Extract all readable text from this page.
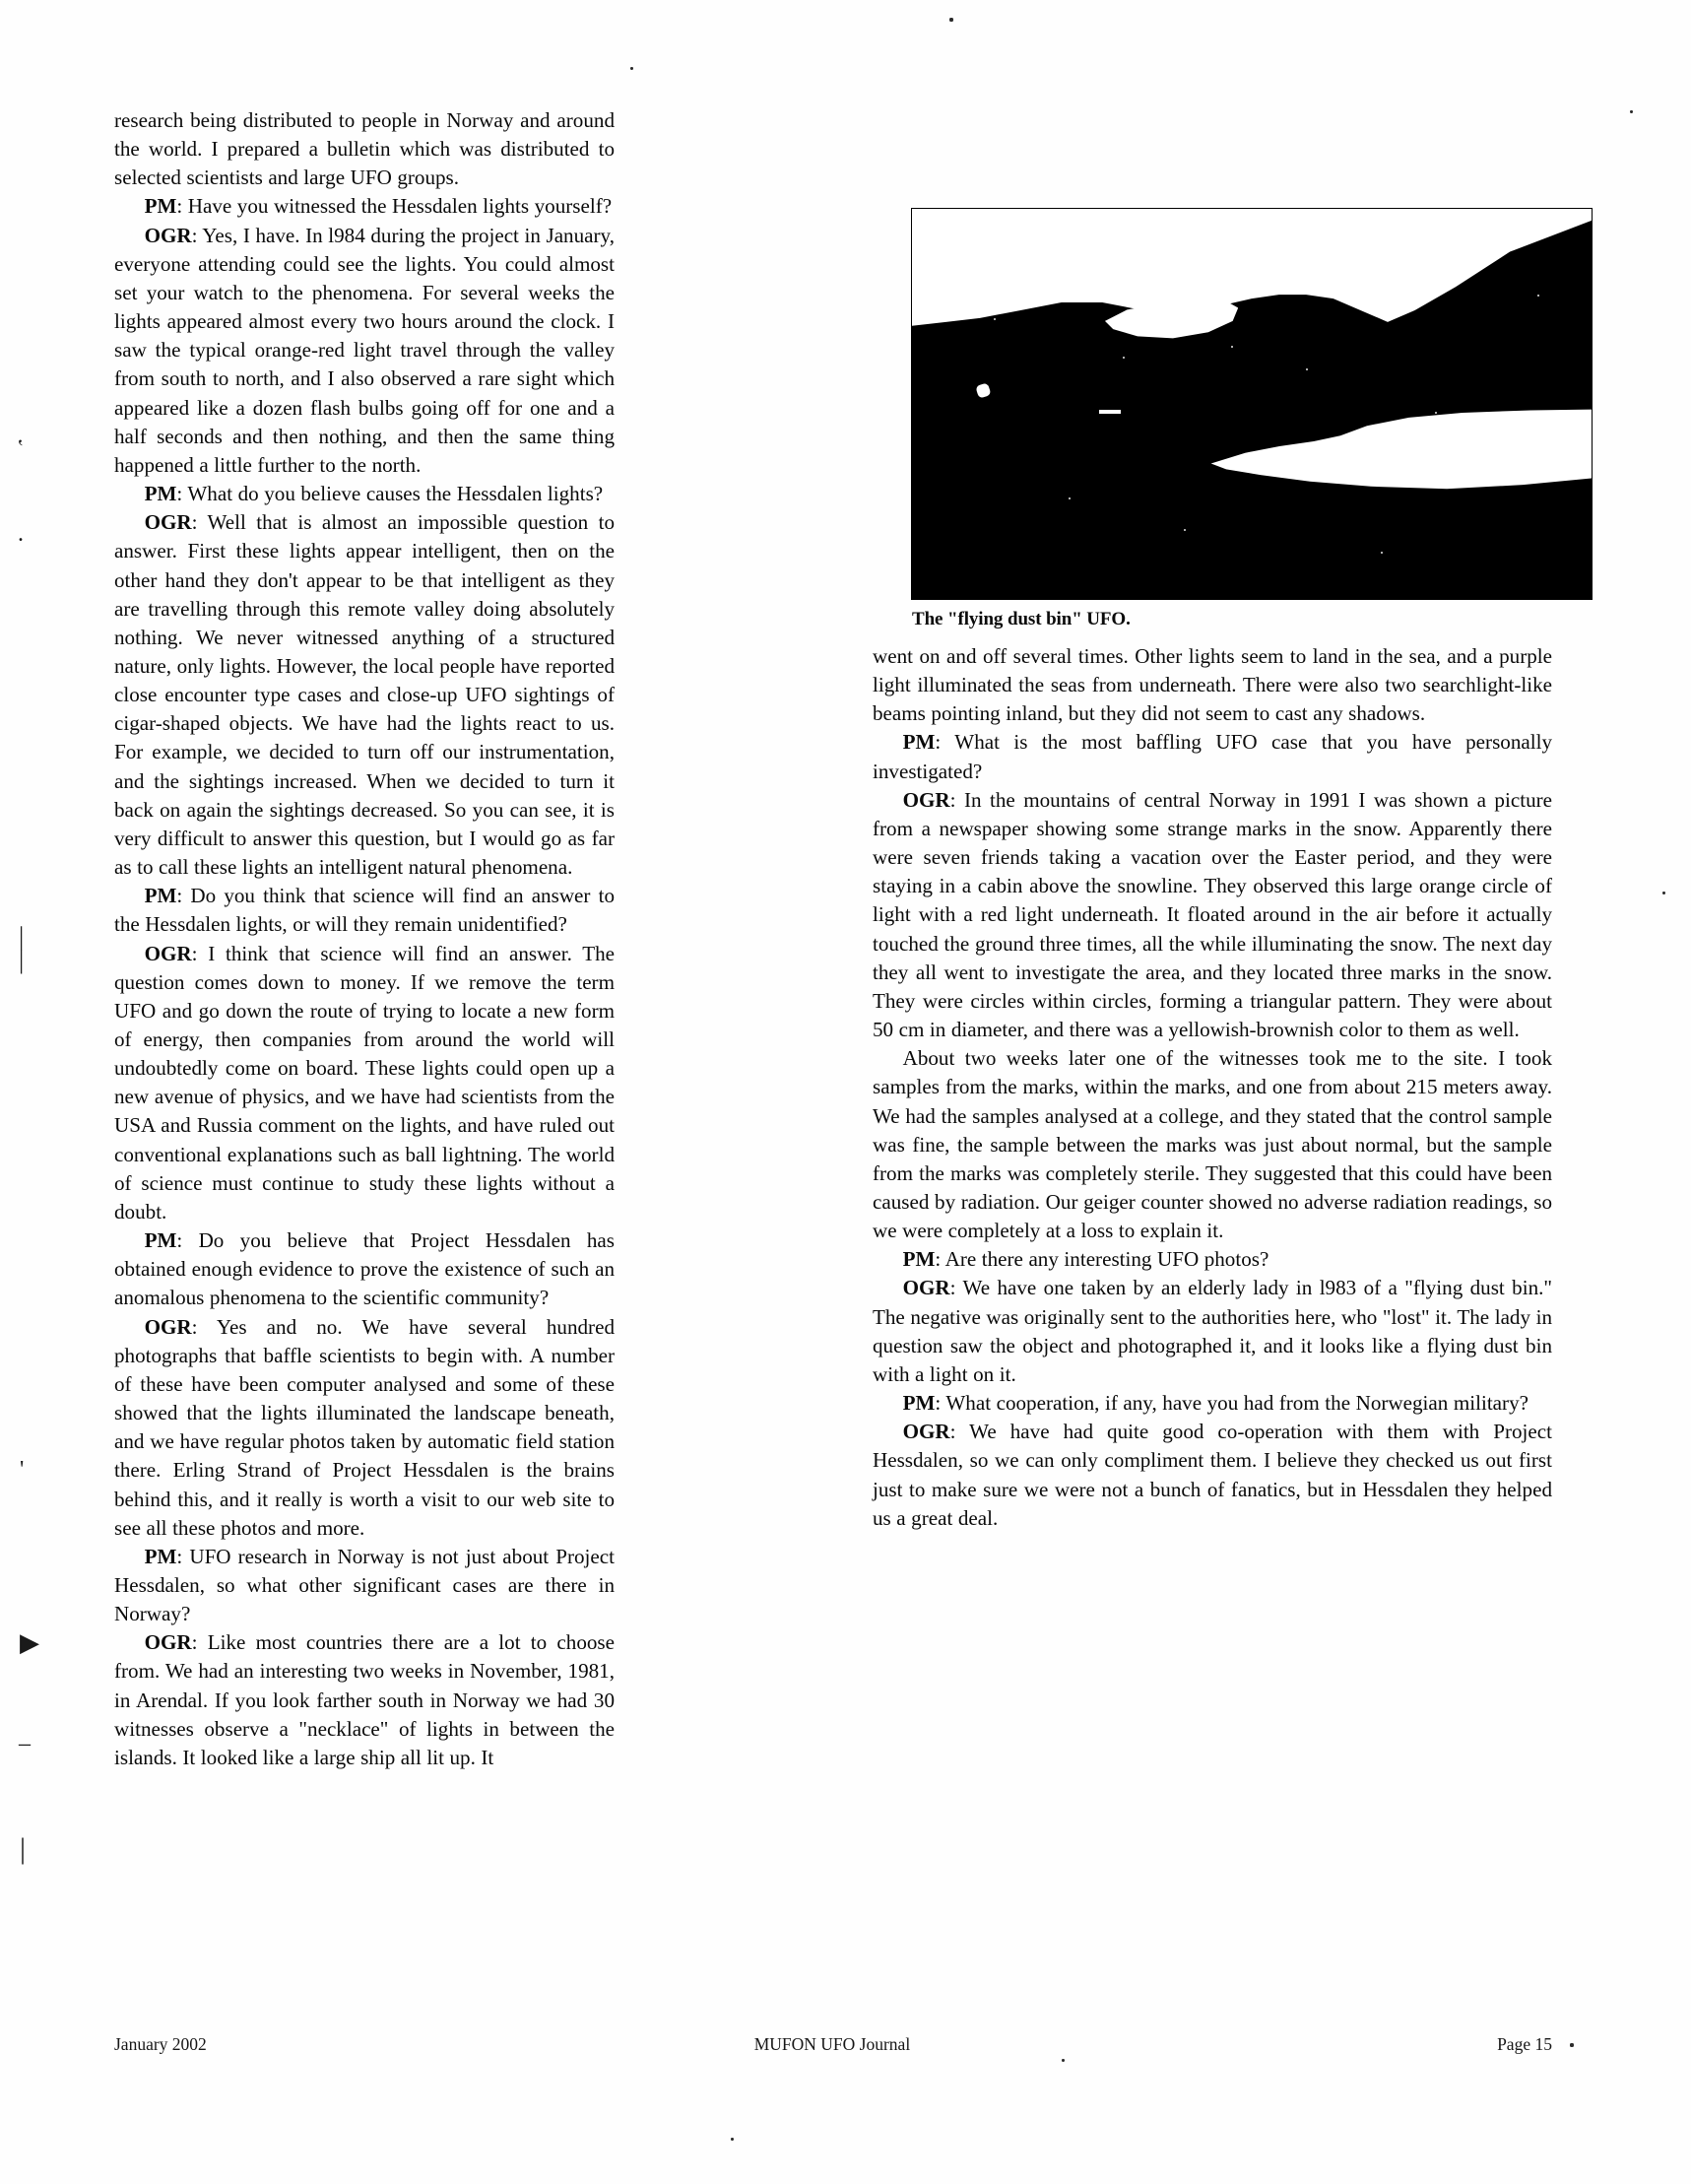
research being distributed to people in Norway and around the world. I prepared a bulletin which was distributed to selected scientists and large UFO groups.

PM: Have you witnessed the Hessdalen lights yourself?

OGR: Yes, I have. In l984 during the project in January, everyone attending could see the lights. You could almost set your watch to the phenomena. For several weeks the lights appeared almost every two hours around the clock. I saw the typical orange-red light travel through the valley from south to north, and I also observed a rare sight which appeared like a dozen flash bulbs going off for one and a half seconds and then nothing, and then the same thing happened a little further to the north.

PM: What do you believe causes the Hessdalen lights?

OGR: Well that is almost an impossible question to answer. First these lights appear intelligent, then on the other hand they don't appear to be that intelligent as they are travelling through this remote valley doing absolutely nothing. We never witnessed anything of a structured nature, only lights. However, the local people have reported close encounter type cases and close-up UFO sightings of cigar-shaped objects. We have had the lights react to us. For example, we decided to turn off our instrumentation, and the sightings increased. When we decided to turn it back on again the sightings decreased. So you can see, it is very difficult to answer this question, but I would go as far as to call these lights an intelligent natural phenomena.

PM: Do you think that science will find an answer to the Hessdalen lights, or will they remain unidentified?

OGR: I think that science will find an answer. The question comes down to money. If we remove the term UFO and go down the route of trying to locate a new form of energy, then companies from around the world will undoubtedly come on board. These lights could open up a new avenue of physics, and we have had scientists from the USA and Russia comment on the lights, and have ruled out conventional explanations such as ball lightning. The world of science must continue to study these lights without a doubt.

PM: Do you believe that Project Hessdalen has obtained enough evidence to prove the existence of such an anomalous phenomena to the scientific community?

OGR: Yes and no. We have several hundred photographs that baffle scientists to begin with. A number of these have been computer analysed and some of these showed that the lights illuminated the landscape beneath, and we have regular photos taken by automatic field station there. Erling Strand of Project Hessdalen is the brains behind this, and it really is worth a visit to our web site to see all these photos and more.

PM: UFO research in Norway is not just about Project Hessdalen, so what other significant cases are there in Norway?

OGR: Like most countries there are a lot to choose from. We had an interesting two weeks in November, 1981, in Arendal. If you look farther south in Norway we had 30 witnesses observe a "necklace" of lights in between the islands. It looked like a large ship all lit up. It

The "flying dust bin" UFO.

went on and off several times. Other lights seem to land in the sea, and a purple light illuminated the seas from underneath. There were also two searchlight-like beams pointing inland, but they did not seem to cast any shadows.

PM: What is the most baffling UFO case that you have personally investigated?

OGR: In the mountains of central Norway in 1991 I was shown a picture from a newspaper showing some strange marks in the snow. Apparently there were seven friends taking a vacation over the Easter period, and they were staying in a cabin above the snowline. They observed this large orange circle of light with a red light underneath. It floated around in the air before it actually touched the ground three times, all the while illuminating the snow. The next day they all went to investigate the area, and they located three marks in the snow. They were circles within circles, forming a triangular pattern. They were about 50 cm in diameter, and there was a yellowish-brownish color to them as well.

About two weeks later one of the witnesses took me to the site. I took samples from the marks, within the marks, and one from about 215 meters away. We had the samples analysed at a college, and they stated that the control sample was fine, the sample between the marks was just about normal, but the sample from the marks was completely sterile. They suggested that this could have been caused by radiation. Our geiger counter showed no adverse radiation readings, so we were completely at a loss to explain it.

PM: Are there any interesting UFO photos?

OGR: We have one taken by an elderly lady in l983 of a "flying dust bin." The negative was originally sent to the authorities here, who "lost" it. The lady in question saw the object and photographed it, and it looks like a flying dust bin with a light on it.

PM: What cooperation, if any, have you had from the Norwegian military?

OGR: We have had quite good co-operation with them with Project Hessdalen, so we can only compliment them. I believe they checked us out first just to make sure we were not a bunch of fanatics, but in Hessdalen they helped us a great deal.

January 2002	MUFON UFO Journal	Page 15
‛
.
|
|
'
▶
–
|
